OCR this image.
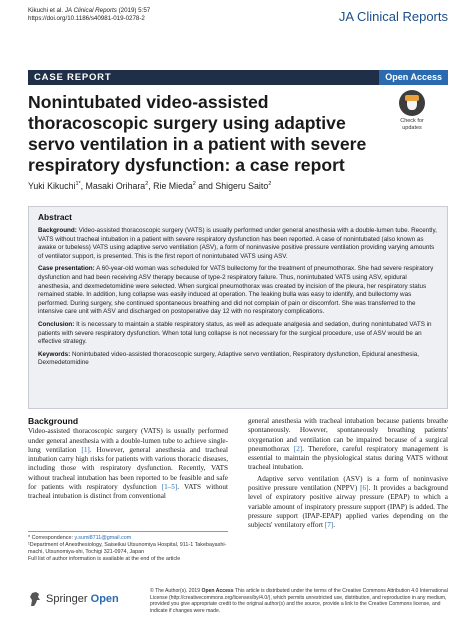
Kikuchi et al. JA Clinical Reports (2019) 5:57
https://doi.org/10.1186/s40981-019-0278-2	JA Clinical Reports
CASE REPORT	Open Access
Nonintubated video-assisted thoracoscopic surgery using adaptive servo ventilation in a patient with severe respiratory dysfunction: a case report
Check for
updates
Yuki Kikuchi$^{1*}$, Masaki Orihara$^2$, Rie Mieda$^2$ and Shigeru Saito$^2$
Abstract

Background: Video-assisted thoracoscopic surgery (VATS) is usually performed under general anesthesia with a double-lumen tube. Recently, VATS without tracheal intubation in a patient with severe respiratory dysfunction has been reported. A case of nonintubated (also known as awake or tubeless) VATS using adaptive servo ventilation (ASV), a form of noninvasive positive pressure ventilation providing varying amounts of ventilator support, is presented. This is the first report of nonintubated VATS using ASV.

Case presentation: A 60-year-old woman was scheduled for VATS bullectomy for the treatment of pneumothorax. She had severe respiratory dysfunction and had been receiving ASV therapy because of type-2 respiratory failure. Thus, nonintubated VATS using ASV, epidural anesthesia, and dexmedetomidine were selected. When surgical pneumothorax was created by incision of the pleura, her respiratory status remained stable. In addition, lung collapse was easily induced at operation. The leaking bulla was easy to identify, and bullectomy was performed. During surgery, she continued spontaneous breathing and did not complain of pain or discomfort. She was transferred to the intensive care unit with ASV and discharged on postoperative day 12 with no respiratory complications.

Conclusion: It is necessary to maintain a stable respiratory status, as well as adequate analgesia and sedation, during nonintubated VATS in patients with severe respiratory dysfunction. When total lung collapse is not necessary for the surgical procedure, use of ASV would be an effective strategy.

Keywords: Nonintubated video-assisted thoracoscopic surgery, Adaptive servo ventilation, Respiratory dysfunction, Epidural anesthesia, Dexmedetomidine

Background

Video-assisted thoracoscopic surgery (VATS) is usually performed under general anesthesia with a double-lumen tube to achieve single-lung ventilation [1]. However, general anesthesia and tracheal intubation carry high risks for patients with various thoracic diseases, including those with respiratory dysfunction. Recently, VATS without tracheal intubation has been reported to be feasible and safe for patients with respiratory dysfunction [1–5]. VATS without tracheal intubation is distinct from conventional

general anesthesia with tracheal intubation because patients breathe spontaneously. However, spontaneously breathing patients' oxygenation and ventilation can be impaired because of a surgical pneumothorax [2]. Therefore, careful respiratory management is essential to maintain the physiological status during VATS without tracheal intubation.

Adaptive servo ventilation (ASV) is a form of noninvasive positive pressure ventilation (NPPV) [6]. It provides a background level of expiratory positive airway pressure (EPAP) to which a variable amount of inspiratory pressure support (IPAP) is added. The pressure support (IPAP-EPAP) applied varies depending on the subjects' ventilatory effort [7].

* Correspondence: y.sumi8711@gmail.com
¹Department of Anesthesiology, Saiseikai Utsunomiya Hospital, 911-1 Takebayashi-machi, Utsunomiya-shi, Tochigi 321-0974, Japan
Full list of author information is available at the end of the article
Springer Open
© The Author(s). 2019 Open Access This article is distributed under the terms of the Creative Commons Attribution 4.0 International License (http://creativecommons.org/licenses/by/4.0/), which permits unrestricted use, distribution, and reproduction in any medium, provided you give appropriate credit to the original author(s) and the source, provide a link to the Creative Commons license, and indicate if changes were made.
